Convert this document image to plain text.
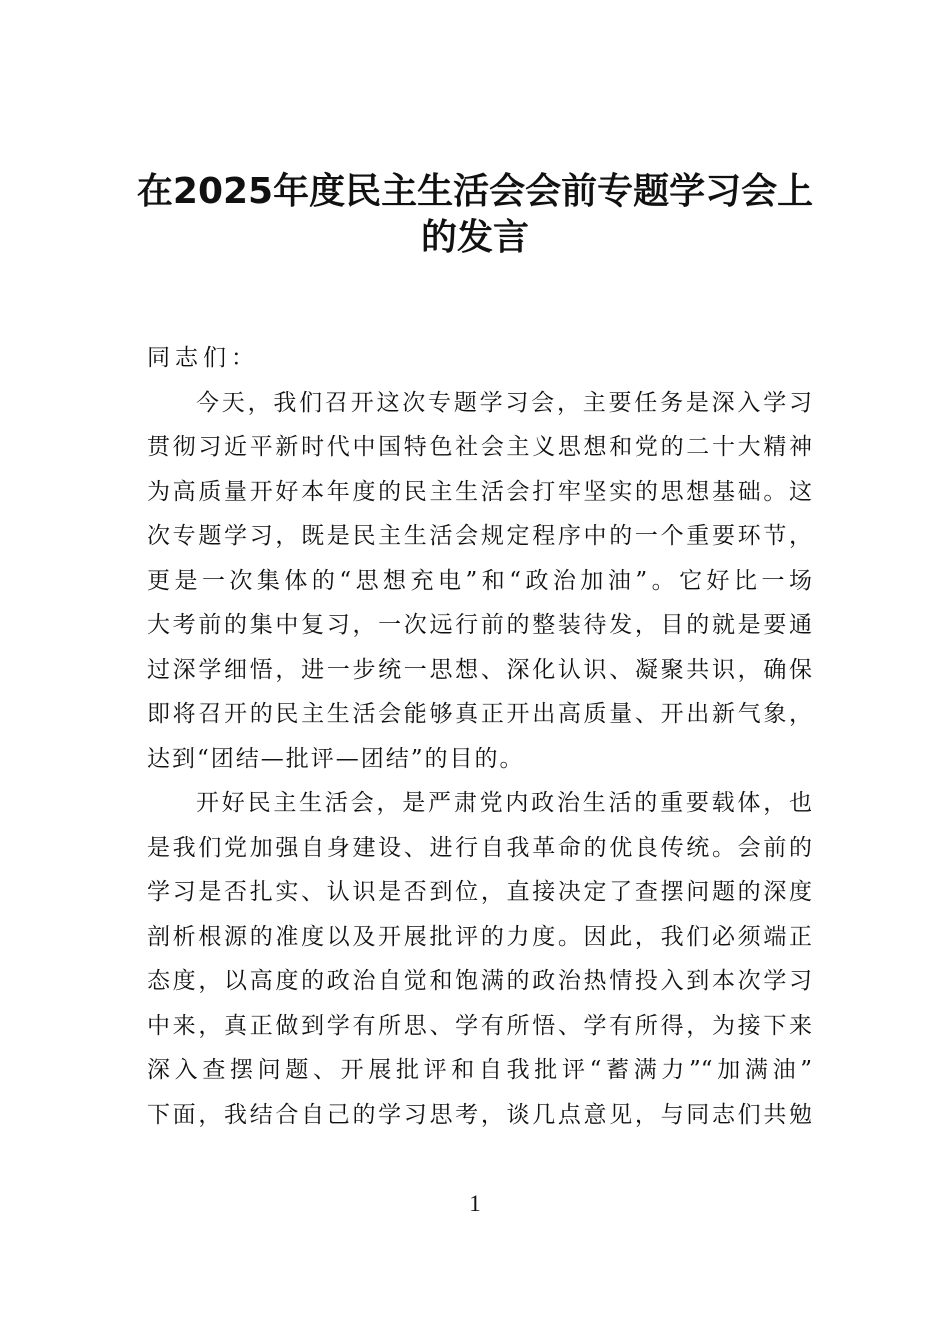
在2025年度民主生活会会前专题学习会上
的发言
同志们：
今天，我们召开这次专题学习会，主要任务是深入学习
贯彻习近平新时代中国特色社会主义思想和党的二十大精神
为高质量开好本年度的民主生活会打牢坚实的思想基础。这
次专题学习，既是民主生活会规定程序中的一个重要环节，
更是一次集体的“思想充电”和“政治加油”。它好比一场
大考前的集中复习，一次远行前的整装待发，目的就是要通
过深学细悟，进一步统一思想、深化认识、凝聚共识，确保
即将召开的民主生活会能够真正开出高质量、开出新气象，
达到“团结—批评—团结”的目的。
开好民主生活会，是严肃党内政治生活的重要载体，也
是我们党加强自身建设、进行自我革命的优良传统。会前的
学习是否扎实、认识是否到位，直接决定了查摆问题的深度
剖析根源的准度以及开展批评的力度。因此，我们必须端正
态度，以高度的政治自觉和饱满的政治热情投入到本次学习
中来，真正做到学有所思、学有所悟、学有所得，为接下来
深入查摆问题、开展批评和自我批评“蓄满力”“加满油”
下面，我结合自己的学习思考，谈几点意见，与同志们共勉
1
